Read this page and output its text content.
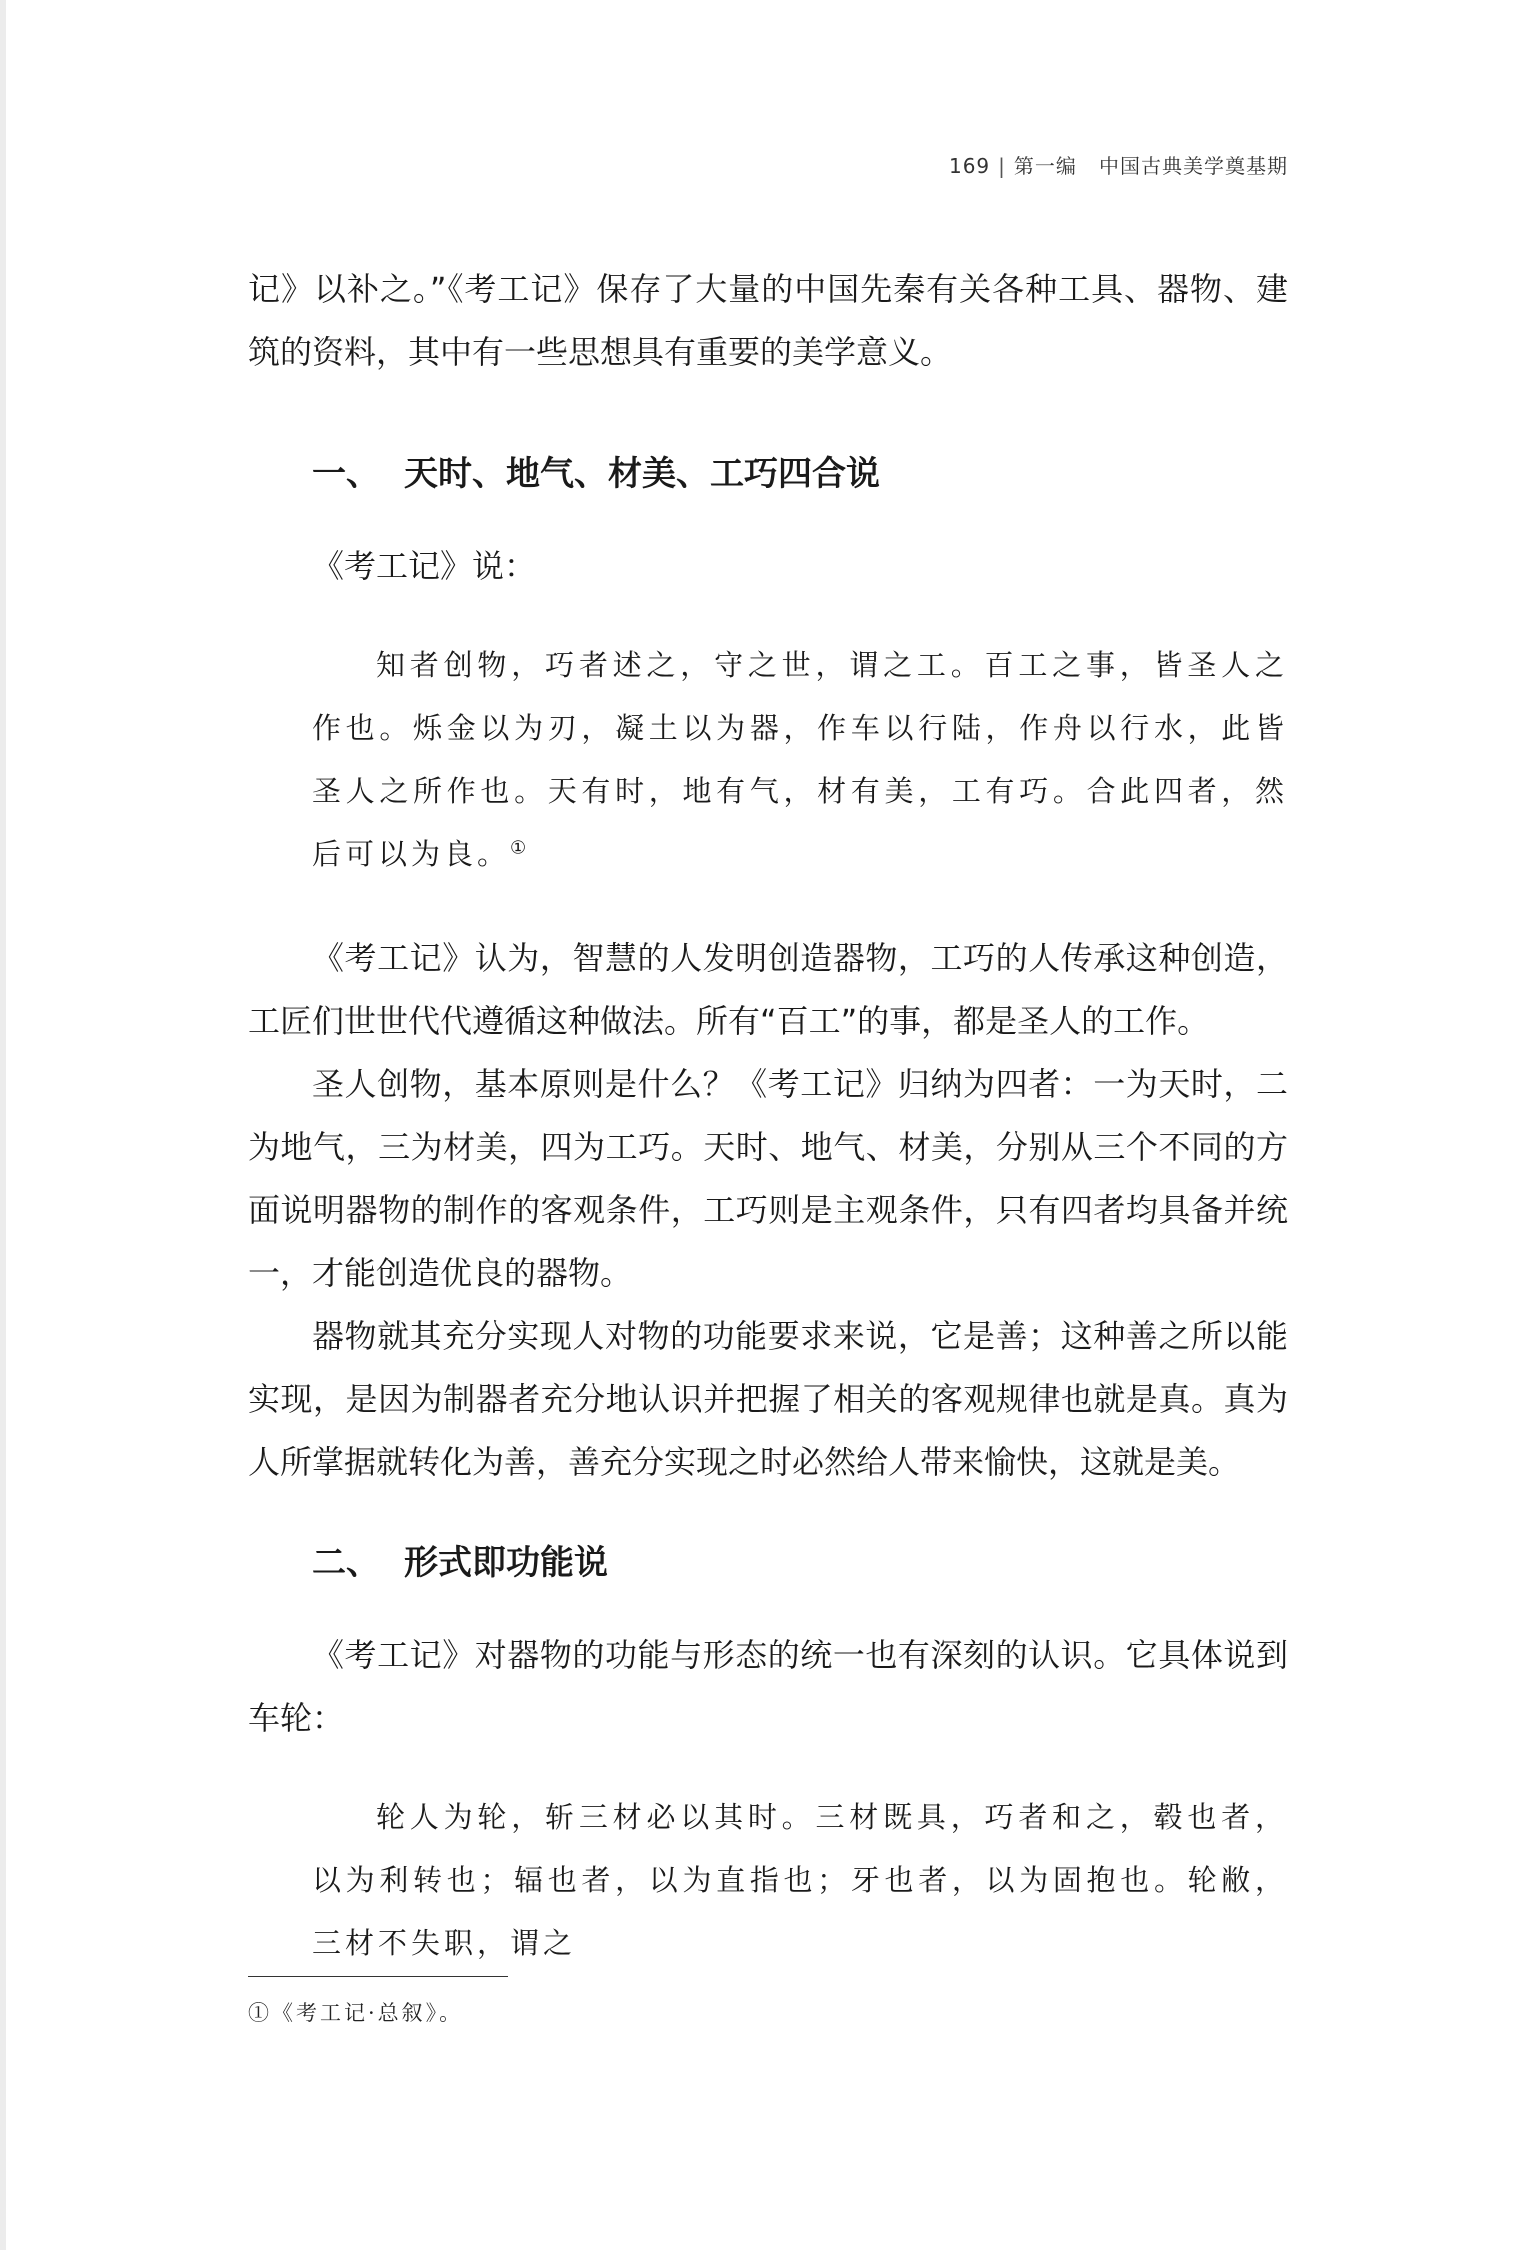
169 | 第一编 中国古典美学奠基期

记》以补之。”《考工记》保存了大量的中国先秦有关各种工具、器物、建筑的资料，其中有一些思想具有重要的美学意义。

一、 天时、地气、材美、工巧四合说

《考工记》说：

知者创物，巧者述之，守之世，谓之工。百工之事，皆圣人之作也。烁金以为刃，凝土以为器，作车以行陆，作舟以行水，此皆圣人之所作也。天有时，地有气，材有美，工有巧。合此四者，然后可以为良。①

《考工记》认为，智慧的人发明创造器物，工巧的人传承这种创造，工匠们世世代代遵循这种做法。所有“百工”的事，都是圣人的工作。

圣人创物，基本原则是什么？《考工记》归纳为四者：一为天时，二为地气，三为材美，四为工巧。天时、地气、材美，分别从三个不同的方面说明器物的制作的客观条件，工巧则是主观条件，只有四者均具备并统一，才能创造优良的器物。

器物就其充分实现人对物的功能要求来说，它是善；这种善之所以能实现，是因为制器者充分地认识并把握了相关的客观规律也就是真。真为人所掌据就转化为善，善充分实现之时必然给人带来愉快，这就是美。

二、 形式即功能说

《考工记》对器物的功能与形态的统一也有深刻的认识。它具体说到车轮：

轮人为轮，斩三材必以其时。三材既具，巧者和之，毂也者，以为利转也；辐也者，以为直指也；牙也者，以为固抱也。轮敝，三材不失职，谓之

①《考工记·总叙》。
